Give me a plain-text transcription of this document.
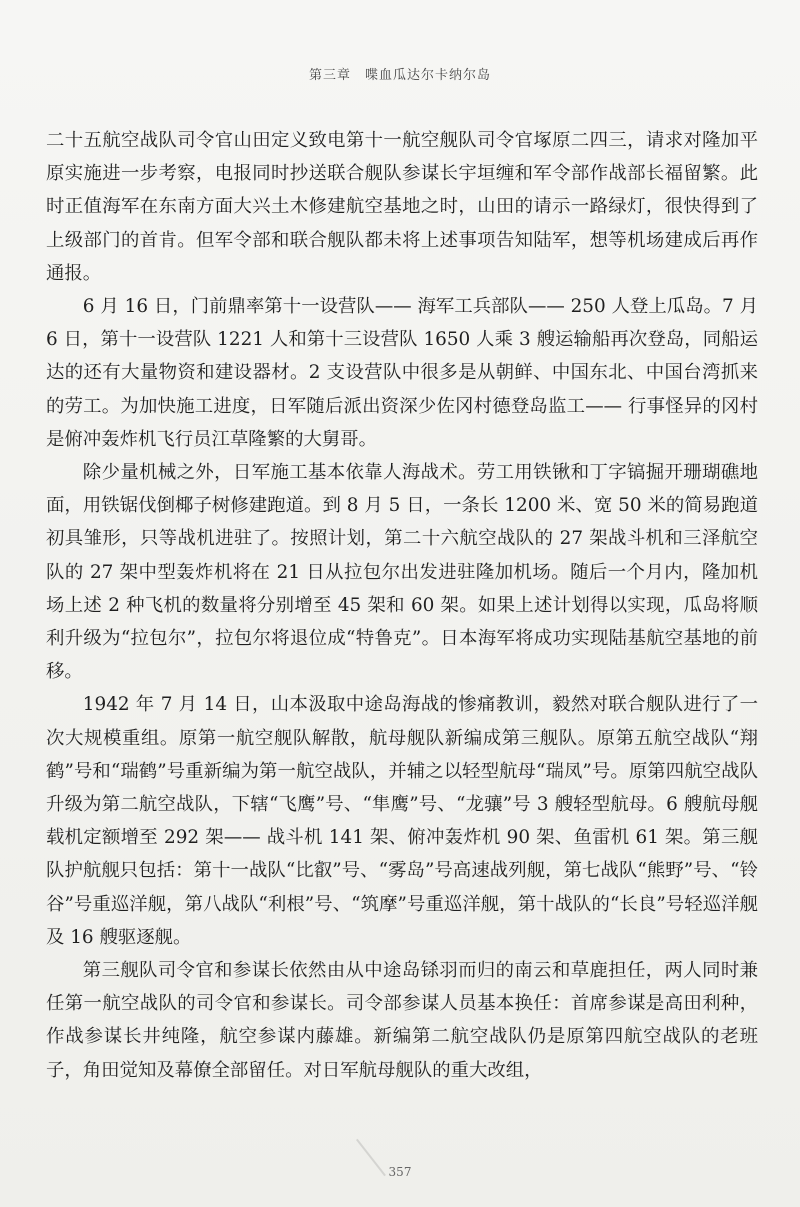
第三章　喋血瓜达尔卡纳尔岛

二十五航空战队司令官山田定义致电第十一航空舰队司令官塚原二四三，请求对隆加平原实施进一步考察，电报同时抄送联合舰队参谋长宇垣缠和军令部作战部长福留繁。此时正值海军在东南方面大兴土木修建航空基地之时，山田的请示一路绿灯，很快得到了上级部门的首肯。但军令部和联合舰队都未将上述事项告知陆军，想等机场建成后再作通报。

6 月 16 日，门前鼎率第十一设营队—— 海军工兵部队—— 250 人登上瓜岛。7 月 6 日，第十一设营队 1221 人和第十三设营队 1650 人乘 3 艘运输船再次登岛，同船运达的还有大量物资和建设器材。2 支设营队中很多是从朝鲜、中国东北、中国台湾抓来的劳工。为加快施工进度，日军随后派出资深少佐冈村德登岛监工—— 行事怪异的冈村是俯冲轰炸机飞行员江草隆繁的大舅哥。

除少量机械之外，日军施工基本依靠人海战术。劳工用铁锹和丁字镐掘开珊瑚礁地面，用铁锯伐倒椰子树修建跑道。到 8 月 5 日，一条长 1200 米、宽 50 米的简易跑道初具雏形，只等战机进驻了。按照计划，第二十六航空战队的 27 架战斗机和三泽航空队的 27 架中型轰炸机将在 21 日从拉包尔出发进驻隆加机场。随后一个月内，隆加机场上述 2 种飞机的数量将分别增至 45 架和 60 架。如果上述计划得以实现，瓜岛将顺利升级为“拉包尔”，拉包尔将退位成“特鲁克”。日本海军将成功实现陆基航空基地的前移。

1942 年 7 月 14 日，山本汲取中途岛海战的惨痛教训，毅然对联合舰队进行了一次大规模重组。原第一航空舰队解散，航母舰队新编成第三舰队。原第五航空战队“翔鹤”号和“瑞鹤”号重新编为第一航空战队，并辅之以轻型航母“瑞凤”号。原第四航空战队升级为第二航空战队，下辖“飞鹰”号、“隼鹰”号、“龙骧”号 3 艘轻型航母。6 艘航母舰载机定额增至 292 架—— 战斗机 141 架、俯冲轰炸机 90 架、鱼雷机 61 架。第三舰队护航舰只包括：第十一战队“比叡”号、“雾岛”号高速战列舰，第七战队“熊野”号、“铃谷”号重巡洋舰，第八战队“利根”号、“筑摩”号重巡洋舰，第十战队的“长良”号轻巡洋舰及 16 艘驱逐舰。

第三舰队司令官和参谋长依然由从中途岛铩羽而归的南云和草鹿担任，两人同时兼任第一航空战队的司令官和参谋长。司令部参谋人员基本换任：首席参谋是高田利种，作战参谋长井纯隆，航空参谋内藤雄。新编第二航空战队仍是原第四航空战队的老班子，角田觉知及幕僚全部留任。对日军航母舰队的重大改组，

357
